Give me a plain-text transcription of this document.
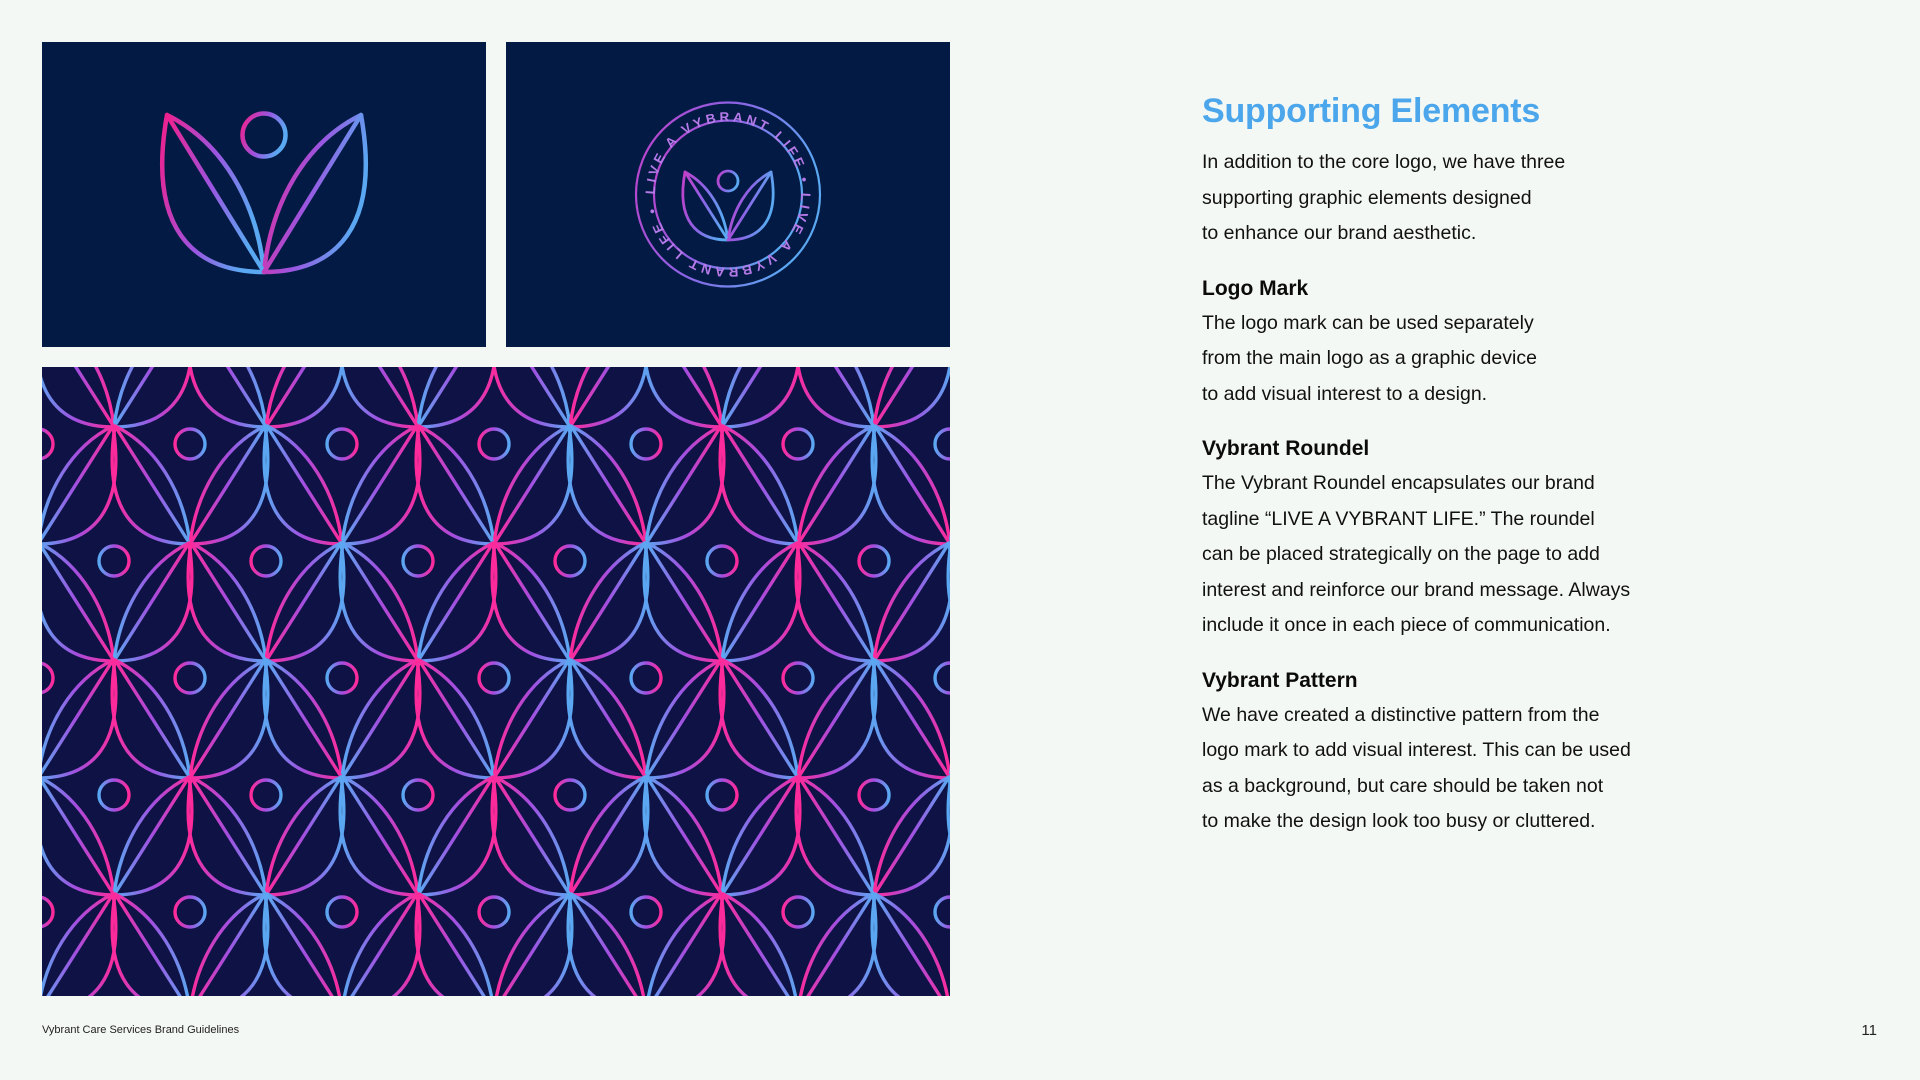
LIVE A VYBRANT LIFE • LIVE A VYBRANT LIFE •
Supporting Elements

In addition to the core logo, we have three
supporting graphic elements designed
to enhance our brand aesthetic.

Logo Mark

The logo mark can be used separately
from the main logo as a graphic device
to add visual interest to a design.

Vybrant Roundel

The Vybrant Roundel encapsulates our brand
tagline “LIVE A VYBRANT LIFE.” The roundel
can be placed strategically on the page to add
interest and reinforce our brand message. Always
include it once in each piece of communication.

Vybrant Pattern

We have created a distinctive pattern from the
logo mark to add visual interest. This can be used
as a background, but care should be taken not
to make the design look too busy or cluttered.

Vybrant Care Services Brand Guidelines	11
